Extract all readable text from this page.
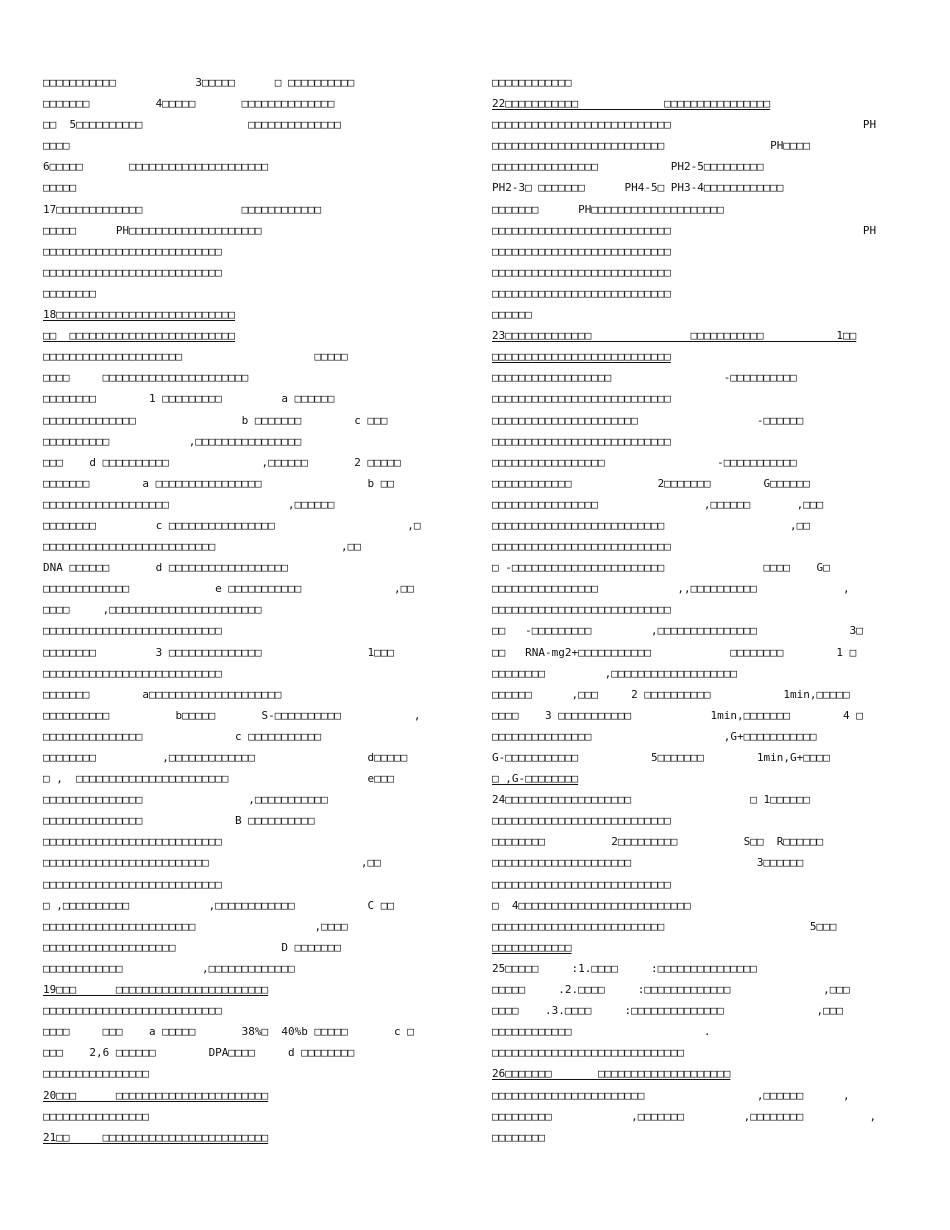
□□□□□□□□□□□            3□□□□□      □ □□□□□□□□□□
□□□□□□□          4□□□□□       □□□□□□□□□□□□□□
□□  5□□□□□□□□□□                □□□□□□□□□□□□□□
□□□□
6□□□□□       □□□□□□□□□□□□□□□□□□□□□
□□□□□
17□□□□□□□□□□□□□               □□□□□□□□□□□□
□□□□□      PH□□□□□□□□□□□□□□□□□□□□
□□□□□□□□□□□□□□□□□□□□□□□□□□□
□□□□□□□□□□□□□□□□□□□□□□□□□□□
□□□□□□□□
18□□□□□□□□□□□□□□□□□□□□□□□□□□□
□□  □□□□□□□□□□□□□□□□□□□□□□□□□
□□□□□□□□□□□□□□□□□□□□□                    □□□□□
□□□□     □□□□□□□□□□□□□□□□□□□□□□
□□□□□□□□        1 □□□□□□□□□         a □□□□□□
□□□□□□□□□□□□□□                b □□□□□□□        c □□□
□□□□□□□□□□            ,□□□□□□□□□□□□□□□□
□□□    d □□□□□□□□□□              ,□□□□□□       2 □□□□□
□□□□□□□        a □□□□□□□□□□□□□□□□                b □□
□□□□□□□□□□□□□□□□□□□                  ,□□□□□□
□□□□□□□□         c □□□□□□□□□□□□□□□□                    ,□
□□□□□□□□□□□□□□□□□□□□□□□□□□                   ,□□
DNA □□□□□□       d □□□□□□□□□□□□□□□□□□
□□□□□□□□□□□□□             e □□□□□□□□□□□              ,□□
□□□□     ,□□□□□□□□□□□□□□□□□□□□□□□
□□□□□□□□□□□□□□□□□□□□□□□□□□□
□□□□□□□□         3 □□□□□□□□□□□□□□                1□□□
□□□□□□□□□□□□□□□□□□□□□□□□□□□
□□□□□□□        a□□□□□□□□□□□□□□□□□□□□
□□□□□□□□□□          b□□□□□       S-□□□□□□□□□□           ,
□□□□□□□□□□□□□□□              c □□□□□□□□□□□
□□□□□□□□          ,□□□□□□□□□□□□□                 d□□□□□
□ ,  □□□□□□□□□□□□□□□□□□□□□□□                     e□□□
□□□□□□□□□□□□□□□                ,□□□□□□□□□□□
□□□□□□□□□□□□□□□              B □□□□□□□□□□
□□□□□□□□□□□□□□□□□□□□□□□□□□□
□□□□□□□□□□□□□□□□□□□□□□□□□                       ,□□
□□□□□□□□□□□□□□□□□□□□□□□□□□□
□ ,□□□□□□□□□□            ,□□□□□□□□□□□□           C □□
□□□□□□□□□□□□□□□□□□□□□□□                  ,□□□□
□□□□□□□□□□□□□□□□□□□□                D □□□□□□□
□□□□□□□□□□□□            ,□□□□□□□□□□□□□
19□□□      □□□□□□□□□□□□□□□□□□□□□□□
□□□□□□□□□□□□□□□□□□□□□□□□□□□
□□□□     □□□    a □□□□□       38%□  40%b □□□□□       c □
□□□    2,6 □□□□□□        DPA□□□□     d □□□□□□□□
□□□□□□□□□□□□□□□□
20□□□      □□□□□□□□□□□□□□□□□□□□□□□
□□□□□□□□□□□□□□□□
21□□     □□□□□□□□□□□□□□□□□□□□□□□□□
□□□□□□□□□□□□
22□□□□□□□□□□□             □□□□□□□□□□□□□□□□
□□□□□□□□□□□□□□□□□□□□□□□□□□□                             PH
□□□□□□□□□□□□□□□□□□□□□□□□□□                PH□□□□
□□□□□□□□□□□□□□□□           PH2-5□□□□□□□□□
PH2-3□ □□□□□□□      PH4-5□ PH3-4□□□□□□□□□□□□
□□□□□□□      PH□□□□□□□□□□□□□□□□□□□□
□□□□□□□□□□□□□□□□□□□□□□□□□□□                             PH
□□□□□□□□□□□□□□□□□□□□□□□□□□□
□□□□□□□□□□□□□□□□□□□□□□□□□□□
□□□□□□□□□□□□□□□□□□□□□□□□□□□
□□□□□□
23□□□□□□□□□□□□□               □□□□□□□□□□□           1□□
□□□□□□□□□□□□□□□□□□□□□□□□□□□
□□□□□□□□□□□□□□□□□□                 -□□□□□□□□□□
□□□□□□□□□□□□□□□□□□□□□□□□□□□
□□□□□□□□□□□□□□□□□□□□□□                  -□□□□□□
□□□□□□□□□□□□□□□□□□□□□□□□□□□
□□□□□□□□□□□□□□□□□                 -□□□□□□□□□□□
□□□□□□□□□□□□             2□□□□□□□        G□□□□□□
□□□□□□□□□□□□□□□□                ,□□□□□□       ,□□□
□□□□□□□□□□□□□□□□□□□□□□□□□□                   ,□□
□□□□□□□□□□□□□□□□□□□□□□□□□□□
□ -□□□□□□□□□□□□□□□□□□□□□□□               □□□□    G□
□□□□□□□□□□□□□□□□            ,,□□□□□□□□□□             ,
□□□□□□□□□□□□□□□□□□□□□□□□□□□
□□   -□□□□□□□□□         ,□□□□□□□□□□□□□□□              3□
□□   RNA-mg2+□□□□□□□□□□□            □□□□□□□□        1 □
□□□□□□□□         ,□□□□□□□□□□□□□□□□□□□
□□□□□□      ,□□□     2 □□□□□□□□□□           1min,□□□□□
□□□□    3 □□□□□□□□□□□            1min,□□□□□□□        4 □
□□□□□□□□□□□□□□□                    ,G+□□□□□□□□□□□
G-□□□□□□□□□□□           5□□□□□□□        1min,G+□□□□
□ ,G-□□□□□□□□
24□□□□□□□□□□□□□□□□□□□                  □ 1□□□□□□
□□□□□□□□□□□□□□□□□□□□□□□□□□□
□□□□□□□□          2□□□□□□□□□          S□□  R□□□□□□
□□□□□□□□□□□□□□□□□□□□□                   3□□□□□□
□□□□□□□□□□□□□□□□□□□□□□□□□□□
□  4□□□□□□□□□□□□□□□□□□□□□□□□□□
□□□□□□□□□□□□□□□□□□□□□□□□□□                      5□□□
□□□□□□□□□□□□
25□□□□□     :1.□□□□     :□□□□□□□□□□□□□□□
□□□□□     .2.□□□□     :□□□□□□□□□□□□□              ,□□□
□□□□    .3.□□□□     :□□□□□□□□□□□□□□              ,□□□
□□□□□□□□□□□□                    .
□□□□□□□□□□□□□□□□□□□□□□□□□□□□□
26□□□□□□□       □□□□□□□□□□□□□□□□□□□□
□□□□□□□□□□□□□□□□□□□□□□□                 ,□□□□□□      ,
□□□□□□□□□            ,□□□□□□□         ,□□□□□□□□          ,
□□□□□□□□
